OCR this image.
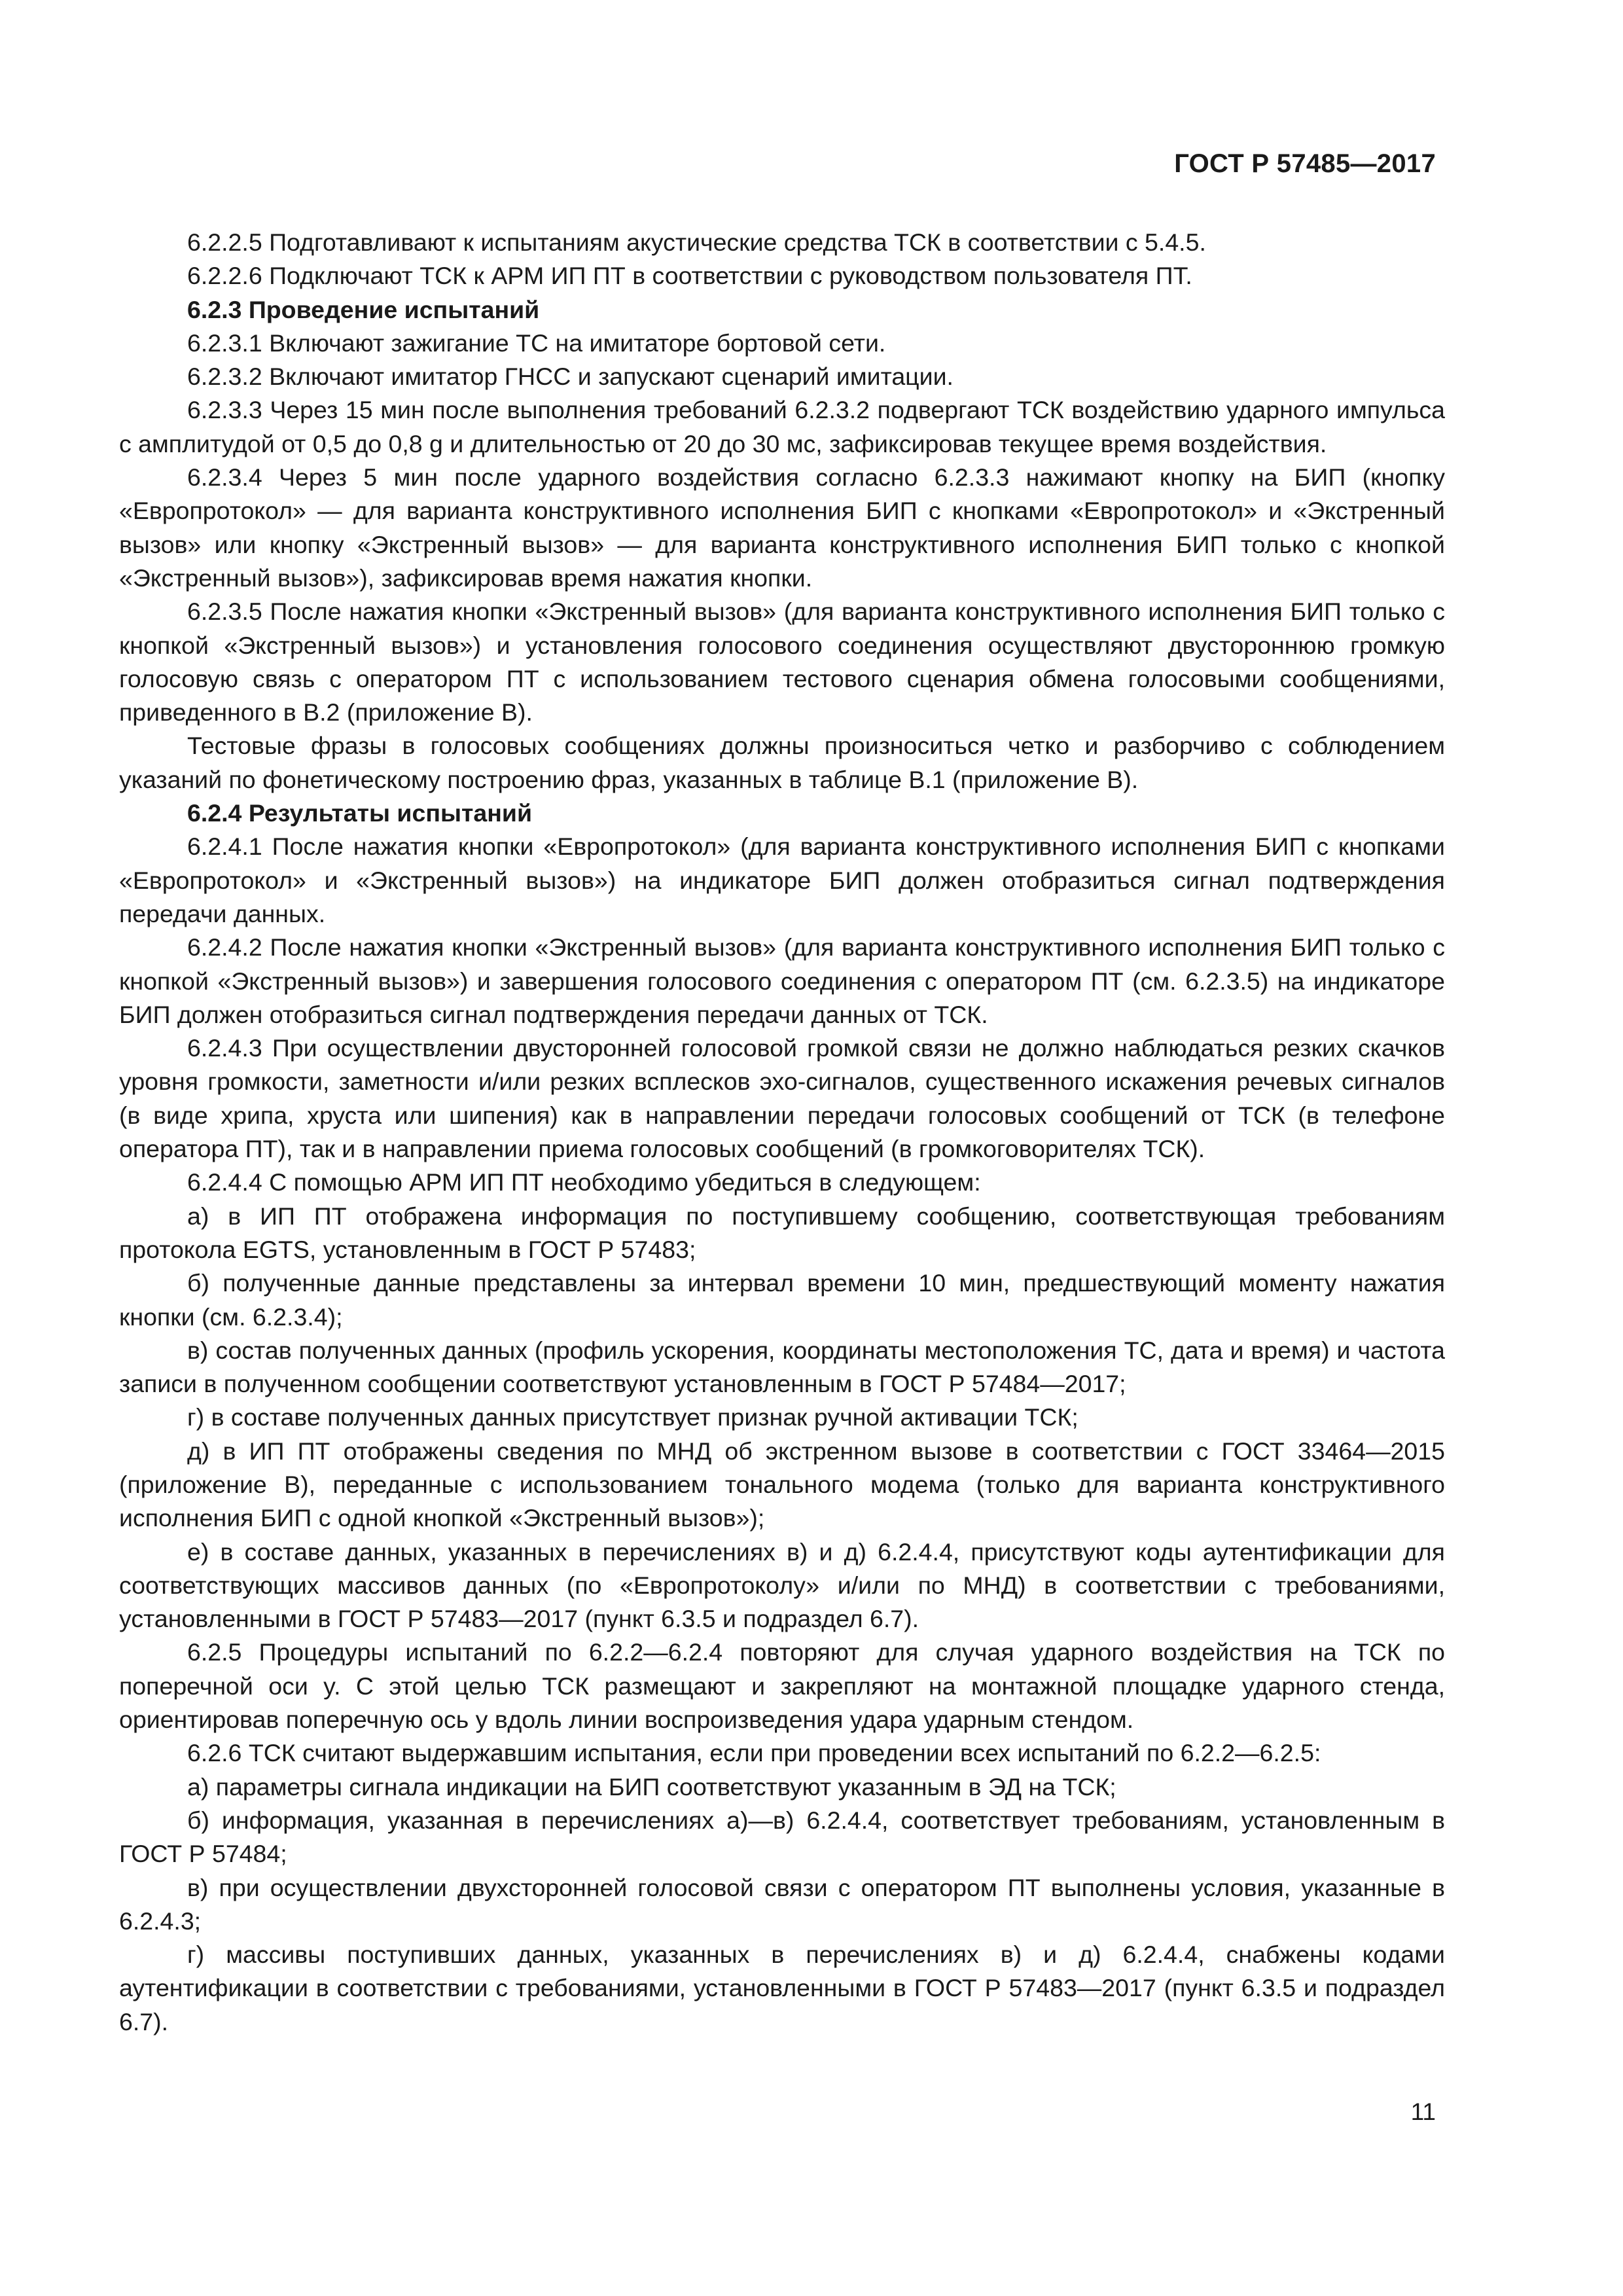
ГОСТ Р 57485—2017

6.2.2.5 Подготавливают к испытаниям акустические средства ТСК в соответствии с 5.4.5.

6.2.2.6 Подключают ТСК к АРМ ИП ПТ в соответствии с руководством пользователя ПТ.

6.2.3 Проведение испытаний

6.2.3.1 Включают зажигание ТС на имитаторе бортовой сети.

6.2.3.2 Включают имитатор ГНСС и запускают сценарий имитации.

6.2.3.3 Через 15 мин после выполнения требований 6.2.3.2 подвергают ТСК воздействию ударного импульса с амплитудой от 0,5 до 0,8 g и длительностью от 20 до 30 мс, зафиксировав текущее время воздействия.

6.2.3.4 Через 5 мин после ударного воздействия согласно 6.2.3.3 нажимают кнопку на БИП (кнопку «Европротокол» — для варианта конструктивного исполнения БИП с кнопками «Европротокол» и «Экстренный вызов» или кнопку «Экстренный вызов» — для варианта конструктивного исполнения БИП только с кнопкой «Экстренный вызов»), зафиксировав время нажатия кнопки.

6.2.3.5 После нажатия кнопки «Экстренный вызов» (для варианта конструктивного исполнения БИП только с кнопкой «Экстренный вызов») и установления голосового соединения осуществляют двустороннюю громкую голосовую связь с оператором ПТ с использованием тестового сценария обмена голосовыми сообщениями, приведенного в В.2 (приложение В).

Тестовые фразы в голосовых сообщениях должны произноситься четко и разборчиво с соблюдением указаний по фонетическому построению фраз, указанных в таблице В.1 (приложение В).

6.2.4 Результаты испытаний

6.2.4.1 После нажатия кнопки «Европротокол» (для варианта конструктивного исполнения БИП с кнопками «Европротокол» и «Экстренный вызов») на индикаторе БИП должен отобразиться сигнал подтверждения передачи данных.

6.2.4.2 После нажатия кнопки «Экстренный вызов» (для варианта конструктивного исполнения БИП только с кнопкой «Экстренный вызов») и завершения голосового соединения с оператором ПТ (см. 6.2.3.5) на индикаторе БИП должен отобразиться сигнал подтверждения передачи данных от ТСК.

6.2.4.3 При осуществлении двусторонней голосовой громкой связи не должно наблюдаться резких скачков уровня громкости, заметности и/или резких всплесков эхо-сигналов, существенного искажения речевых сигналов (в виде хрипа, хруста или шипения) как в направлении передачи голосовых сообщений от ТСК (в телефоне оператора ПТ), так и в направлении приема голосовых сообщений (в громкоговорителях ТСК).

6.2.4.4 С помощью АРМ ИП ПТ необходимо убедиться в следующем:

а) в ИП ПТ отображена информация по поступившему сообщению, соответствующая требованиям протокола EGTS, установленным в ГОСТ Р 57483;

б) полученные данные представлены за интервал времени 10 мин, предшествующий моменту нажатия кнопки (см. 6.2.3.4);

в) состав полученных данных (профиль ускорения, координаты местоположения ТС, дата и время) и частота записи в полученном сообщении соответствуют установленным в ГОСТ Р 57484—2017;

г) в составе полученных данных присутствует признак ручной активации ТСК;

д) в ИП ПТ отображены сведения по МНД об экстренном вызове в соответствии с ГОСТ 33464—2015 (приложение В), переданные с использованием тонального модема (только для варианта конструктивного исполнения БИП с одной кнопкой «Экстренный вызов»);

е) в составе данных, указанных в перечислениях в) и д) 6.2.4.4, присутствуют коды аутентификации для соответствующих массивов данных (по «Европротоколу» и/или по МНД) в соответствии с требованиями, установленными в ГОСТ Р 57483—2017 (пункт 6.3.5 и подраздел 6.7).

6.2.5 Процедуры испытаний по 6.2.2—6.2.4 повторяют для случая ударного воздействия на ТСК по поперечной оси y. С этой целью ТСК размещают и закрепляют на монтажной площадке ударного стенда, ориентировав поперечную ось y вдоль линии воспроизведения удара ударным стендом.

6.2.6 ТСК считают выдержавшим испытания, если при проведении всех испытаний по 6.2.2—6.2.5:

а) параметры сигнала индикации на БИП соответствуют указанным в ЭД на ТСК;

б) информация, указанная в перечислениях а)—в) 6.2.4.4, соответствует требованиям, установленным в ГОСТ Р 57484;

в) при осуществлении двухсторонней голосовой связи с оператором ПТ выполнены условия, указанные в 6.2.4.3;

г) массивы поступивших данных, указанных в перечислениях в) и д) 6.2.4.4, снабжены кодами аутентификации в соответствии с требованиями, установленными в ГОСТ Р 57483—2017 (пункт 6.3.5 и подраздел 6.7).

11
